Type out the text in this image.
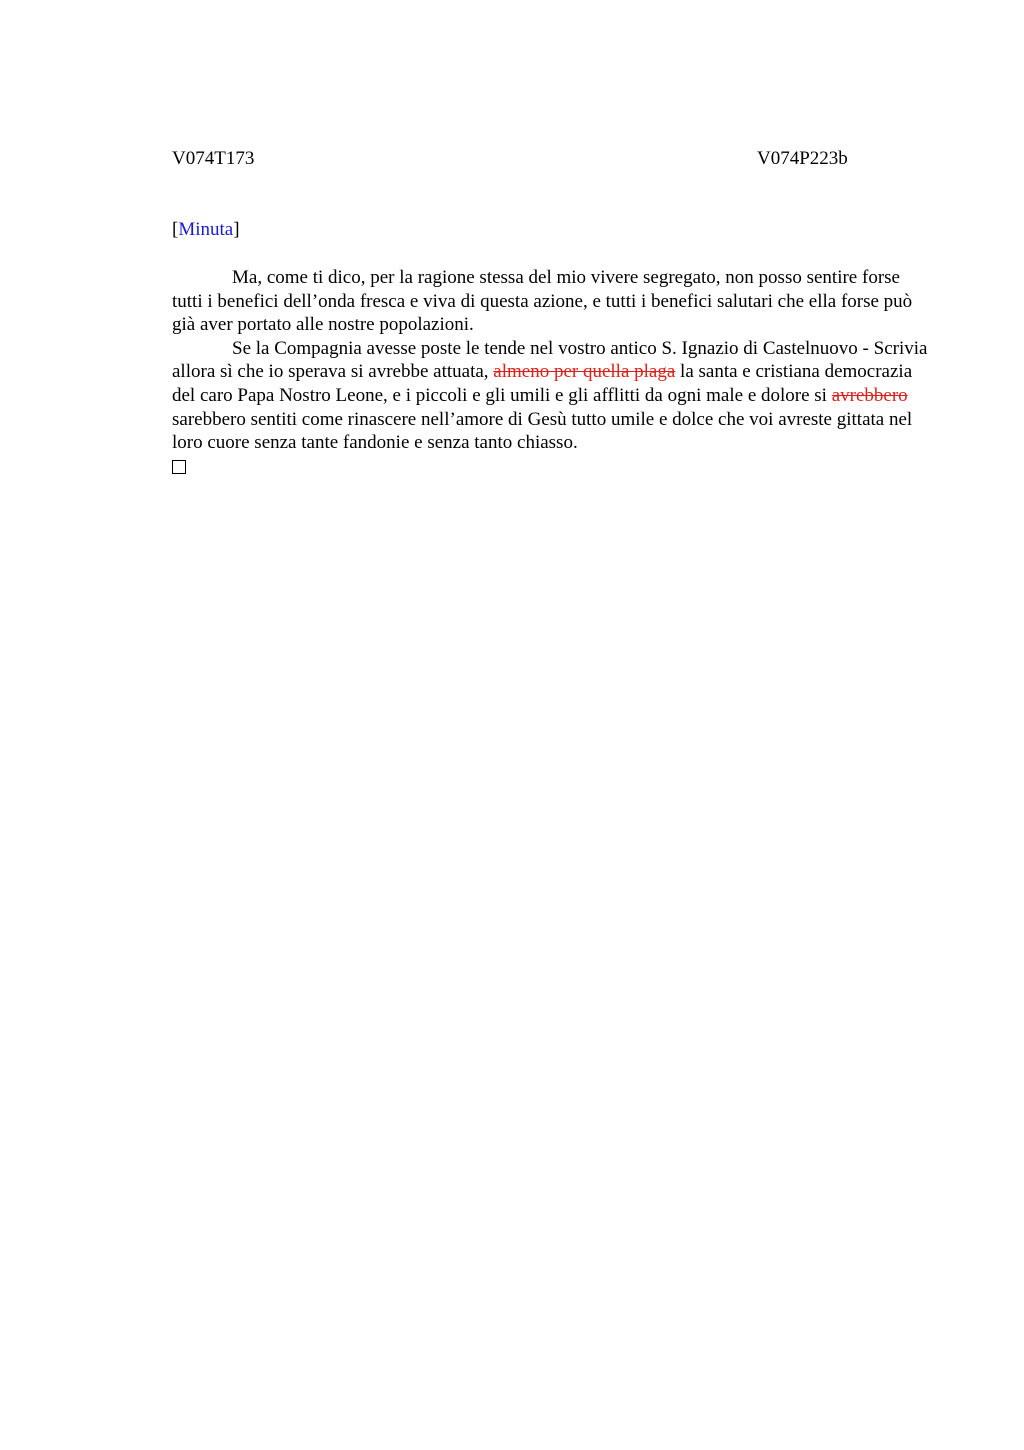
V074T173	V074P223b
[Minuta]

Ma, come ti dico, per la ragione stessa del mio vivere segregato, non posso sentire forse tutti i benefici dell’onda fresca e viva di questa azione, e tutti i benefici salutari che ella forse può già aver portato alle nostre popolazioni.

Se la Compagnia avesse poste le tende nel vostro antico S. Ignazio di Castelnuovo - Scrivia allora sì che io sperava si avrebbe attuata, almeno per quella plaga la santa e cristiana democrazia del caro Papa Nostro Leone, e i piccoli e gli umili e gli afflitti da ogni male e dolore si avrebbero sarebbero sentiti come rinascere nell’amore di Gesù tutto umile e dolce che voi avreste gittata nel loro cuore senza tante fandonie e senza tanto chiasso.
